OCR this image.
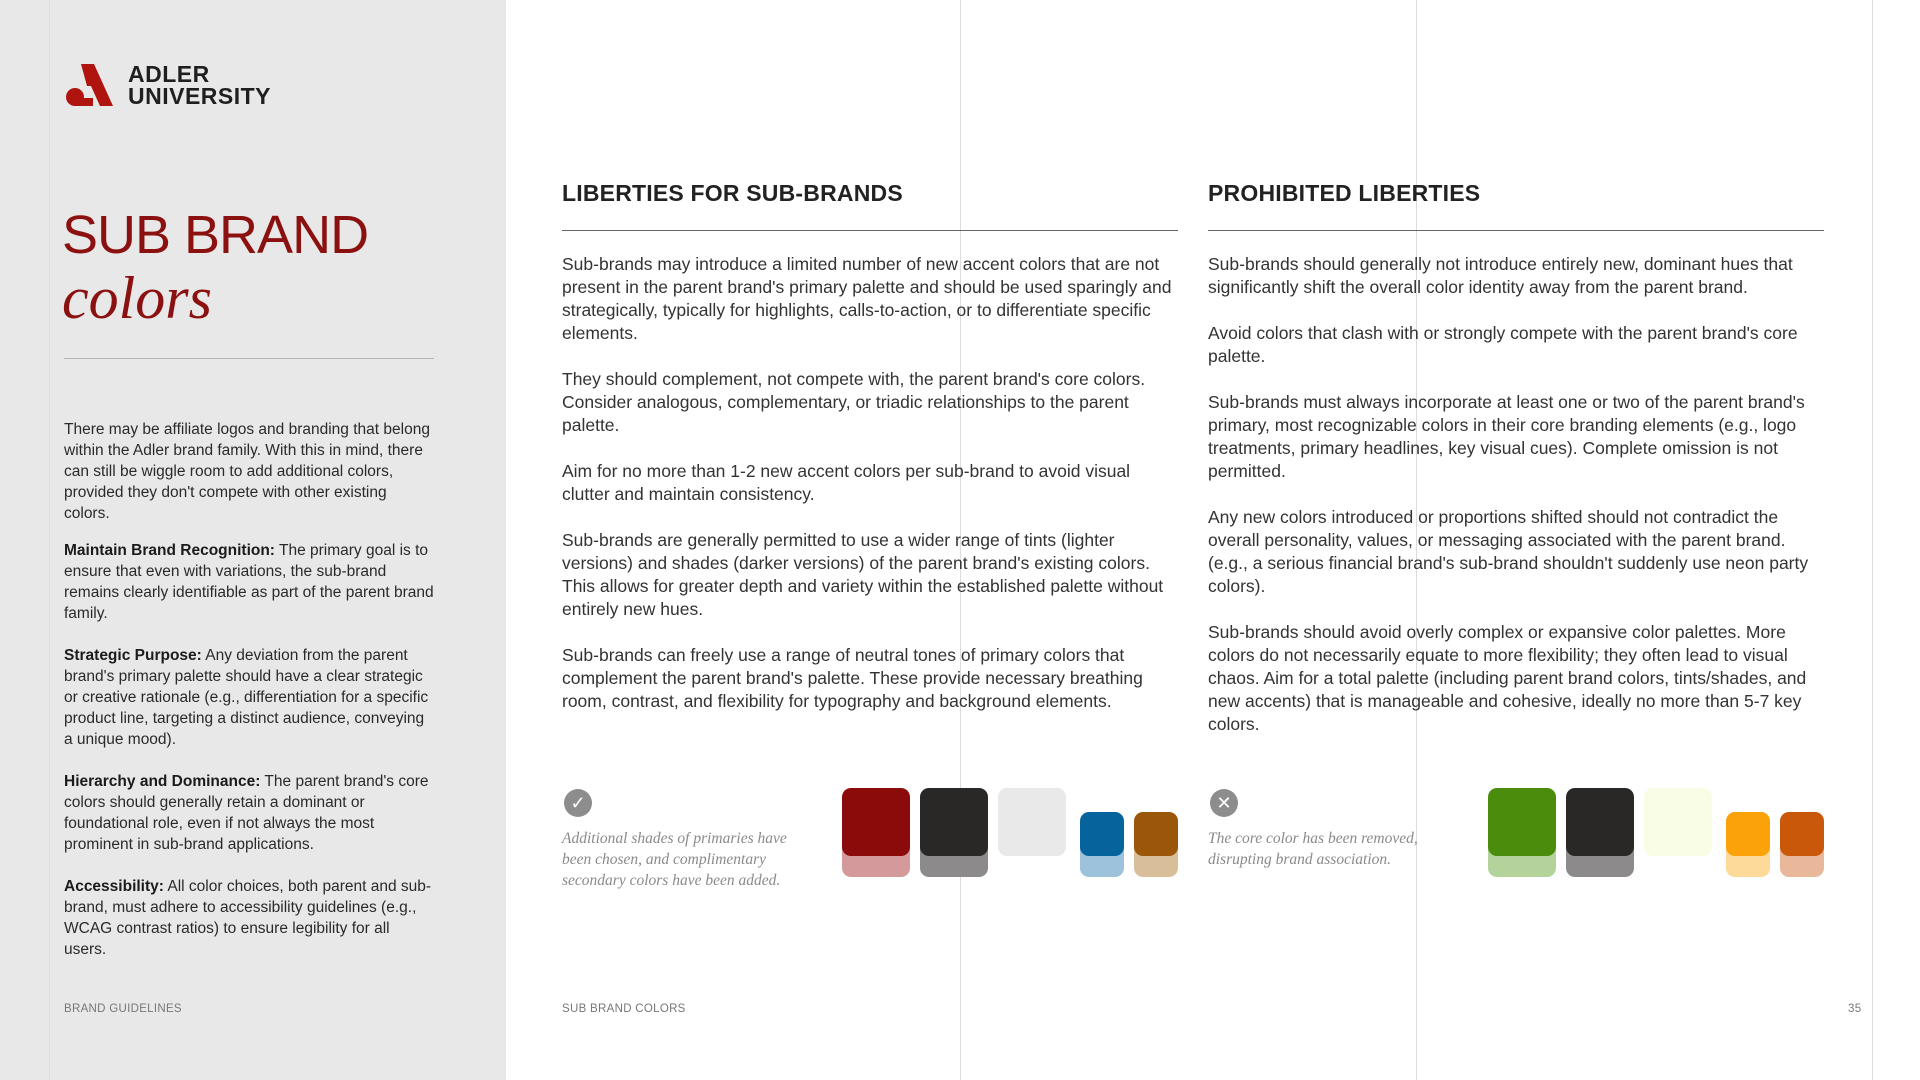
ADLER
UNIVERSITY
SUB BRAND
colors
There may be affiliate logos and branding that belong within the Adler brand family. With this in mind, there can still be wiggle room to add additional colors, provided they don't compete with other existing colors.
Maintain Brand Recognition: The primary goal is to ensure that even with variations, the sub-brand remains clearly identifiable as part of the parent brand family.
Strategic Purpose: Any deviation from the parent brand's primary palette should have a clear strategic or creative rationale (e.g., differentiation for a specific product line, targeting a distinct audience, conveying a unique mood).
Hierarchy and Dominance: The parent brand's core colors should generally retain a dominant or foundational role, even if not always the most prominent in sub-brand applications.
Accessibility: All color choices, both parent and sub-brand, must adhere to accessibility guidelines (e.g., WCAG contrast ratios) to ensure legibility for all users.
LIBERTIES FOR SUB-BRANDS

Sub-brands may introduce a limited number of new accent colors that are not present in the parent brand's primary palette and should be used sparingly and strategically, typically for highlights, calls-to-action, or to differentiate specific elements.

They should complement, not compete with, the parent brand's core colors. Consider analogous, complementary, or triadic relationships to the parent palette.

Aim for no more than 1-2 new accent colors per sub-brand to avoid visual clutter and maintain consistency.

Sub-brands are generally permitted to use a wider range of tints (lighter versions) and shades (darker versions) of the parent brand's existing colors. This allows for greater depth and variety within the established palette without entirely new hues.

Sub-brands can freely use a range of neutral tones of primary colors that complement the parent brand's palette. These provide necessary breathing room, contrast, and flexibility for typography and background elements.

PROHIBITED LIBERTIES

Sub-brands should generally not introduce entirely new, dominant hues that significantly shift the overall color identity away from the parent brand.

Avoid colors that clash with or strongly compete with the parent brand's core palette.

Sub-brands must always incorporate at least one or two of the parent brand's primary, most recognizable colors in their core branding elements (e.g., logo treatments, primary headlines, key visual cues). Complete omission is not permitted.

Any new colors introduced or proportions shifted should not contradict the overall personality, values, or messaging associated with the parent brand. (e.g., a serious financial brand's sub-brand shouldn't suddenly use neon party colors).

Sub-brands should avoid overly complex or expansive color palettes. More colors do not necessarily equate to more flexibility; they often lead to visual chaos. Aim for a total palette (including parent brand colors, tints/shades, and new accents) that is manageable and cohesive, ideally no more than 5-7 key colors.

✓
Additional shades of primaries have been chosen, and complimentary secondary colors have been added.
✕
The core color has been removed, disrupting brand association.
BRAND GUIDELINES	SUB BRAND COLORS	35
